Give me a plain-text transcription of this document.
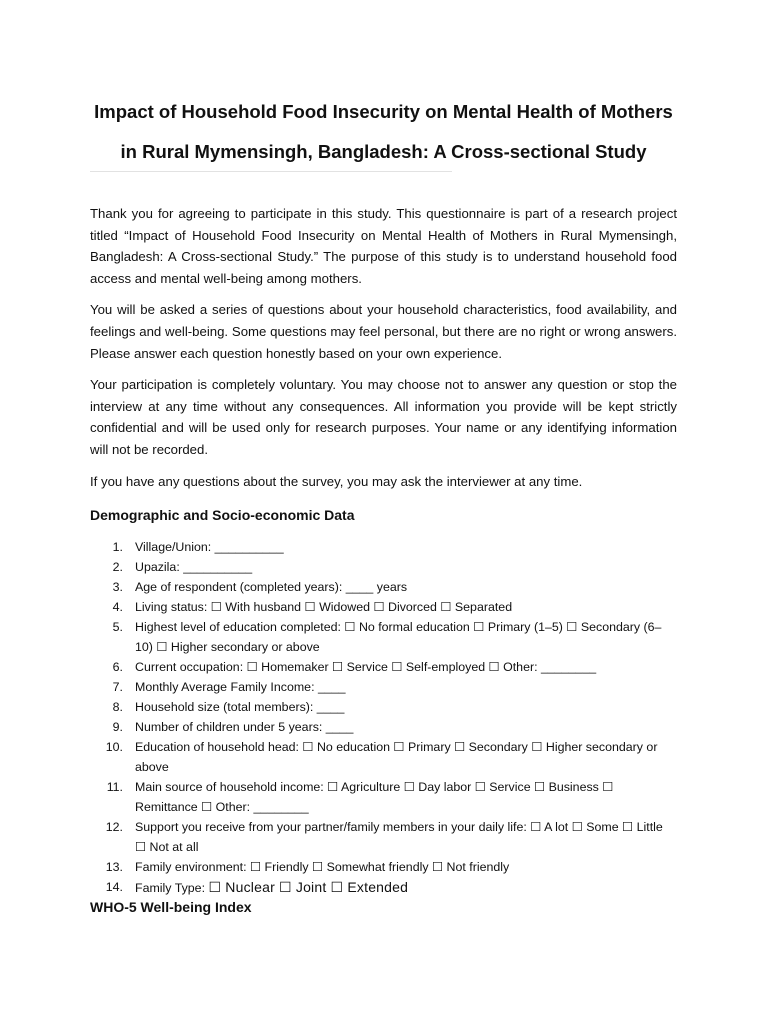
Impact of Household Food Insecurity on Mental Health of Mothers
in Rural Mymensingh, Bangladesh: A Cross-sectional Study

Thank you for agreeing to participate in this study. This questionnaire is part of a research project titled “Impact of Household Food Insecurity on Mental Health of Mothers in Rural Mymensingh, Bangladesh: A Cross-sectional Study.” The purpose of this study is to understand household food access and mental well-being among mothers.

You will be asked a series of questions about your household characteristics, food availability, and feelings and well-being. Some questions may feel personal, but there are no right or wrong answers. Please answer each question honestly based on your own experience.

Your participation is completely voluntary. You may choose not to answer any question or stop the interview at any time without any consequences. All information you provide will be kept strictly confidential and will be used only for research purposes. Your name or any identifying information will not be recorded.

If you have any questions about the survey, you may ask the interviewer at any time.

Demographic and Socio-economic Data
1. Village/Union: __________
2. Upazila: __________
3. Age of respondent (completed years): ____ years
4. Living status: ☐ With husband ☐ Widowed ☐ Divorced ☐ Separated
5. Highest level of education completed: ☐ No formal education ☐ Primary (1–5) ☐ Secondary (6–10) ☐ Higher secondary or above
6. Current occupation: ☐ Homemaker ☐ Service ☐ Self-employed ☐ Other: ________
7. Monthly Average Family Income: ____
8. Household size (total members): ____
9. Number of children under 5 years: ____
10. Education of household head: ☐ No education ☐ Primary ☐ Secondary ☐ Higher secondary or above
11. Main source of household income: ☐ Agriculture ☐ Day labor ☐ Service ☐ Business ☐ Remittance ☐ Other: ________
12. Support you receive from your partner/family members in your daily life: ☐ A lot ☐ Some ☐ Little ☐ Not at all
13. Family environment: ☐ Friendly ☐ Somewhat friendly ☐ Not friendly
14. Family Type: ☐ Nuclear ☐ Joint ☐ Extended
WHO-5 Well-being Index
